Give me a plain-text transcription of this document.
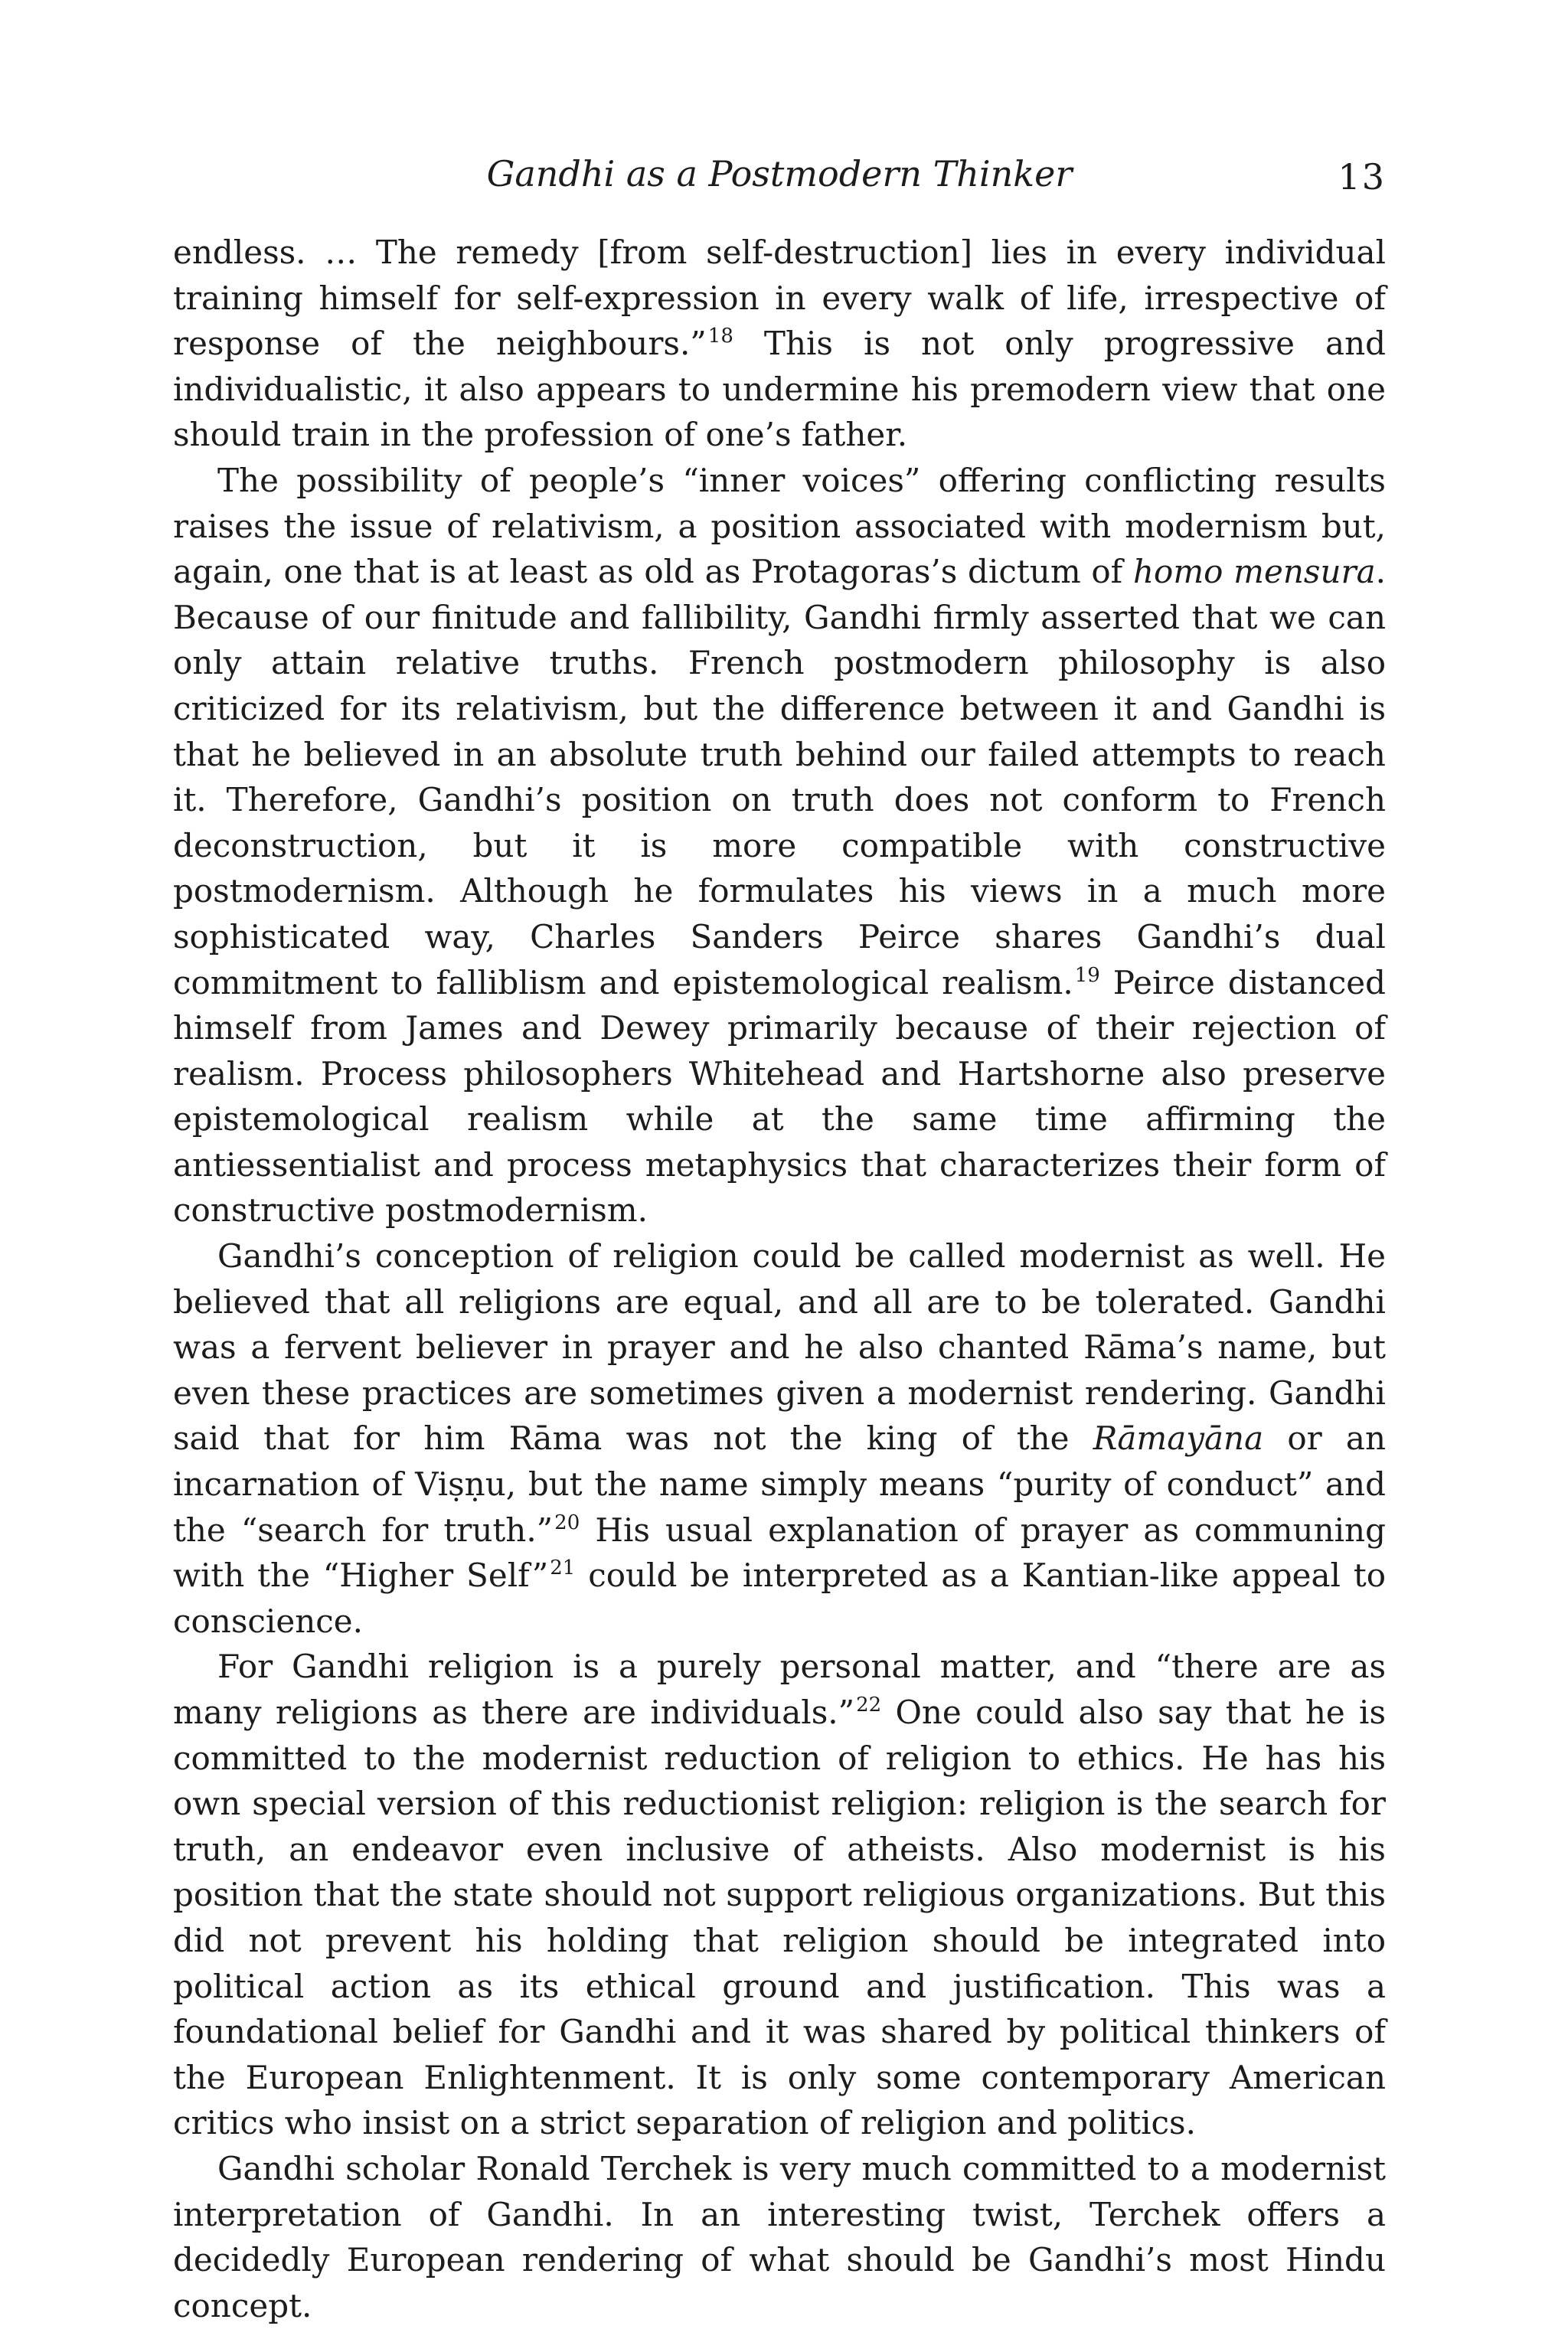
Gandhi as a Postmodern Thinker	13

endless. … The remedy [from self-destruction] lies in every individual training himself for self-expression in every walk of life, irrespective of response of the neighbours.”$^{18}$ This is not only progressive and individualistic, it also appears to undermine his premodern view that one should train in the profession of one’s father.

The possibility of people’s “inner voices” offering conflicting results raises the issue of relativism, a position associated with modernism but, again, one that is at least as old as Protagoras’s dictum of homo mensura. Because of our finitude and fallibility, Gandhi firmly asserted that we can only attain relative truths. French postmodern philosophy is also criticized for its relativism, but the difference between it and Gandhi is that he believed in an absolute truth behind our failed attempts to reach it. Therefore, Gandhi’s position on truth does not conform to French deconstruction, but it is more compatible with constructive postmodernism. Although he formulates his views in a much more sophisticated way, Charles Sanders Peirce shares Gandhi’s dual commitment to falliblism and epistemological realism.$^{19}$ Peirce distanced himself from James and Dewey primarily because of their rejection of realism. Process philosophers Whitehead and Hartshorne also preserve epistemological realism while at the same time affirming the antiessentialist and process metaphysics that characterizes their form of constructive postmodernism.

Gandhi’s conception of religion could be called modernist as well. He believed that all religions are equal, and all are to be tolerated. Gandhi was a fervent believer in prayer and he also chanted Rāma’s name, but even these practices are sometimes given a modernist rendering. Gandhi said that for him Rāma was not the king of the Rāmayāna or an incarnation of Viṣṇu, but the name simply means “purity of conduct” and the “search for truth.”$^{20}$ His usual explanation of prayer as communing with the “Higher Self”$^{21}$ could be interpreted as a Kantian-like appeal to conscience.

For Gandhi religion is a purely personal matter, and “there are as many religions as there are individuals.”$^{22}$ One could also say that he is committed to the modernist reduction of religion to ethics. He has his own special version of this reductionist religion: religion is the search for truth, an endeavor even inclusive of atheists. Also modernist is his position that the state should not support religious organizations. But this did not prevent his holding that religion should be integrated into political action as its ethical ground and justification. This was a foundational belief for Gandhi and it was shared by political thinkers of the European Enlightenment. It is only some contemporary American critics who insist on a strict separation of religion and politics.

Gandhi scholar Ronald Terchek is very much committed to a modernist interpretation of Gandhi. In an interesting twist, Terchek offers a decidedly European rendering of what should be Gandhi’s most Hindu concept.
